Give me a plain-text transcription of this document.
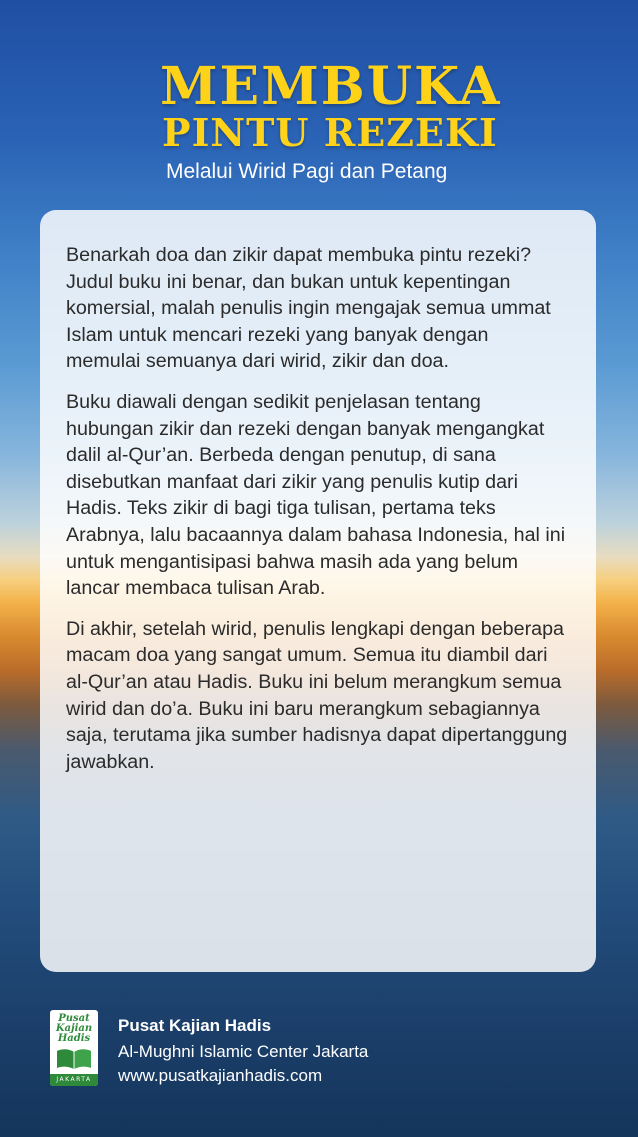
MEMBUKA
PINTU REZEKI
Melalui Wirid Pagi dan Petang

Benarkah doa dan zikir dapat membuka pintu rezeki? Judul buku ini benar, dan bukan untuk kepentingan komersial, malah penulis ingin mengajak semua ummat Islam untuk mencari rezeki yang banyak dengan memulai semuanya dari wirid, zikir dan doa.

Buku diawali dengan sedikit penjelasan tentang hubungan zikir dan rezeki dengan banyak mengangkat dalil al-Qur’an. Berbeda dengan penutup, di sana disebutkan manfaat dari zikir yang penulis kutip dari Hadis. Teks zikir di bagi tiga tulisan, pertama teks Arabnya, lalu bacaannya dalam bahasa Indonesia, hal ini untuk mengantisipasi bahwa masih ada yang belum lancar membaca tulisan Arab.

Di akhir, setelah wirid, penulis lengkapi dengan beberapa macam doa yang sangat umum. Semua itu diambil dari al-Qur’an atau Hadis. Buku ini belum merangkum semua wirid dan do’a. Buku ini baru merangkum sebagiannya saja, terutama jika sumber hadisnya dapat dipertanggung jawabkan.

Pusat Kajian Hadis
JAKARTA
Pusat Kajian Hadis
Al-Mughni Islamic Center Jakarta
www.pusatkajianhadis.com
